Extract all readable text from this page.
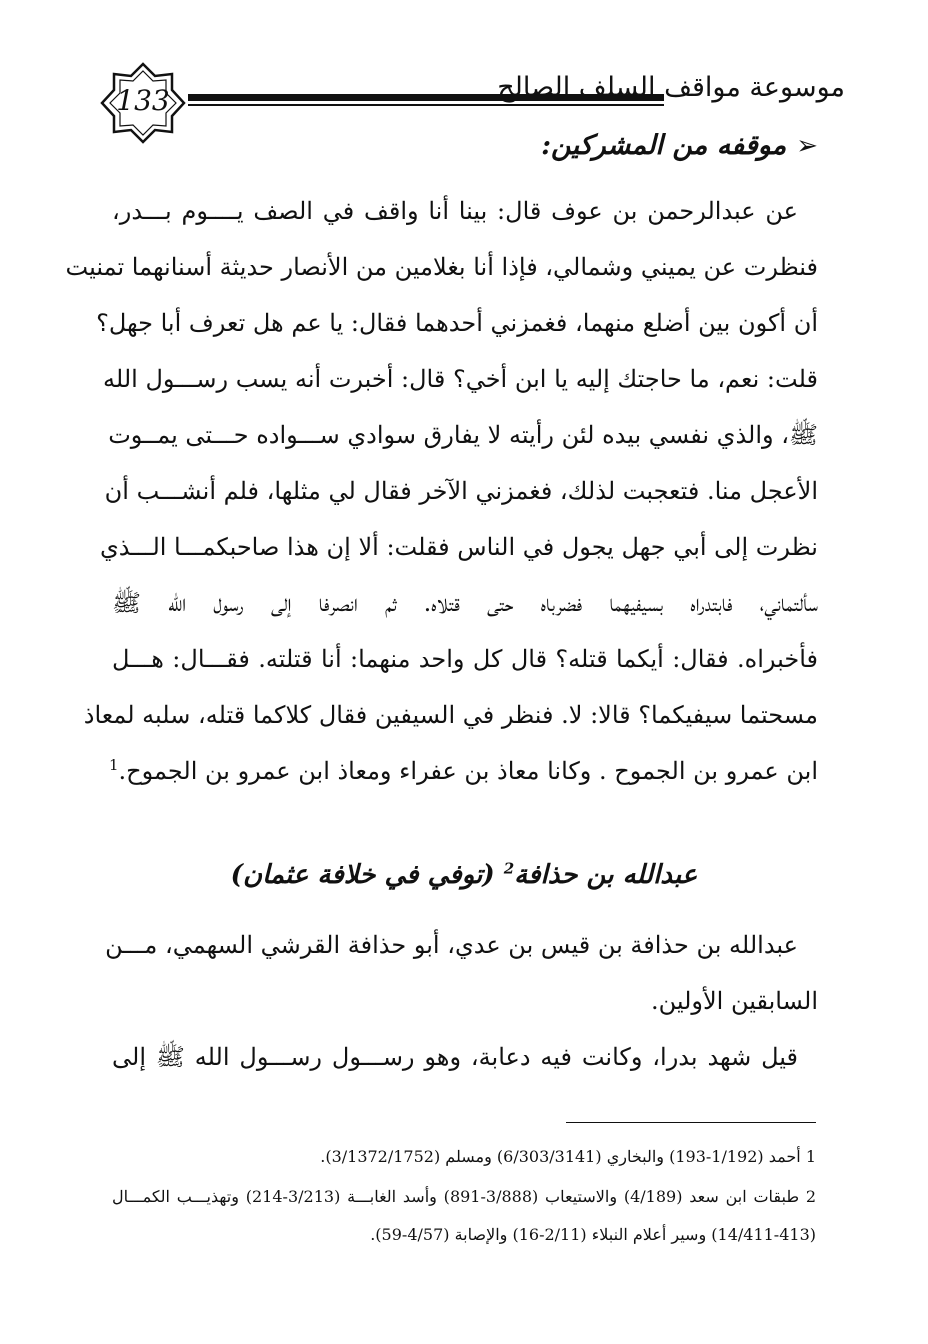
133	موسوعة مواقف السلف الصالح
➢موقفه من المشركين:
عن عبدالرحمن بن عوف قال: بينا أنا واقف في الصف يــــوم بـــدر،
فنظرت عن يميني وشمالي، فإذا أنا بغلامين من الأنصار حديثة أسنانهما تمنيت
أن أكون بين أضلع منهما، فغمزني أحدهما فقال: يا عم هل تعرف أبا جهل؟
قلت: نعم، ما حاجتك إليه يا ابن أخي؟ قال: أخبرت أنه يسب رســـول الله
ﷺ، والذي نفسي بيده لئن رأيته لا يفارق سوادي ســـواده حـــتى يمــوت
الأعجل منا. فتعجبت لذلك، فغمزني الآخر فقال لي مثلها، فلم أنشـــب أن
نظرت إلى أبي جهل يجول في الناس فقلت: ألا إن هذا صاحبكمـــا الـــذي
سألتماني، فابتدراه بسيفيهما فضرباه حتى قتلاه. ثم انصرفا إلى رسول الله ﷺ
فأخبراه. فقال: أيكما قتله؟ قال كل واحد منهما: أنا قتلته. فقـــال: هـــل
مسحتما سيفيكما؟ قالا: لا. فنظر في السيفين فقال كلاكما قتله، سلبه لمعاذ
ابن عمرو بن الجموح . وكانا معاذ بن عفراء ومعاذ ابن عمرو بن الجموح.$^1$
عبدالله بن حذافة$^2$ (توفي في خلافة عثمان)
عبدالله بن حذافة بن قيس بن عدي، أبو حذافة القرشي السهمي، مـــن
السابقين الأولين.
قيل شهد بدرا، وكانت فيه دعابة، وهو رســـول رســـول الله ﷺ إلى
1 أحمد (1/192-193) والبخاري (6/303/3141) ومسلم (3/1372/1752).
2 طبقات ابن سعد (4/189) والاستيعاب (3/888-891) وأسد الغابـــة (3/213-214) وتهذيـــب الكمـــال
(14/411-413) وسير أعلام النبلاء (2/11-16) والإصابة (4/57-59).
